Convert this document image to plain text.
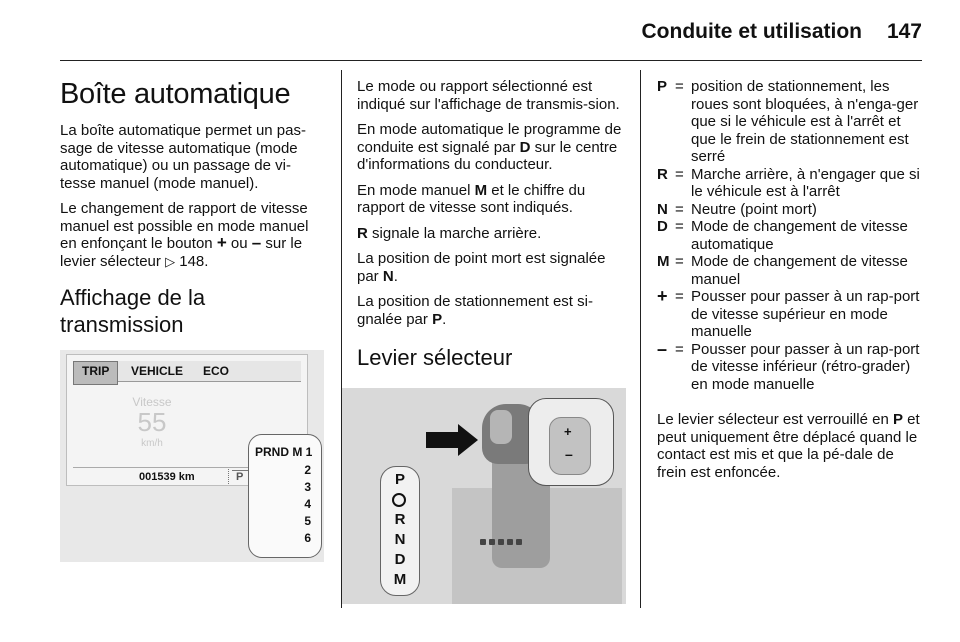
Conduite et utilisation 147
Boîte automatique

La boîte automatique permet un pas-sage de vitesse automatique (mode automatique) ou un passage de vi-tesse manuel (mode manuel).

Le changement de rapport de vitesse manuel est possible en mode manuel en enfonçant le bouton + ou – sur le levier sélecteur ▷ 148.

Affichage de la transmission
TRIP	VEHICLE ECO
Vitesse
55
km/h
001539 km	P
PRND M 1
2
3
4
5
6

Le mode ou rapport sélectionné est indiqué sur l'affichage de transmis-sion.

En mode automatique le programme de conduite est signalé par D sur le centre d'informations du conducteur.

En mode manuel M et le chiffre du rapport de vitesse sont indiqués.

R signale la marche arrière.

La position de point mort est signalée par N.

La position de stationnement est si-gnalée par P.

Levier sélecteur
+
–
P
R
N
D
M
P = position de stationnement, les roues sont bloquées, à n'enga-ger que si le véhicule est à l'arrêt et que le frein de stationnement est serré
R = Marche arrière, à n'engager que si le véhicule est à l'arrêt
N = Neutre (point mort)
D = Mode de changement de vitesse automatique
M = Mode de changement de vitesse manuel
+ = Pousser pour passer à un rap-port de vitesse supérieur en mode manuelle
– = Pousser pour passer à un rap-port de vitesse inférieur (rétro-grader) en mode manuelle

Le levier sélecteur est verrouillé en P et peut uniquement être déplacé quand le contact est mis et que la pé-dale de frein est enfoncée.
